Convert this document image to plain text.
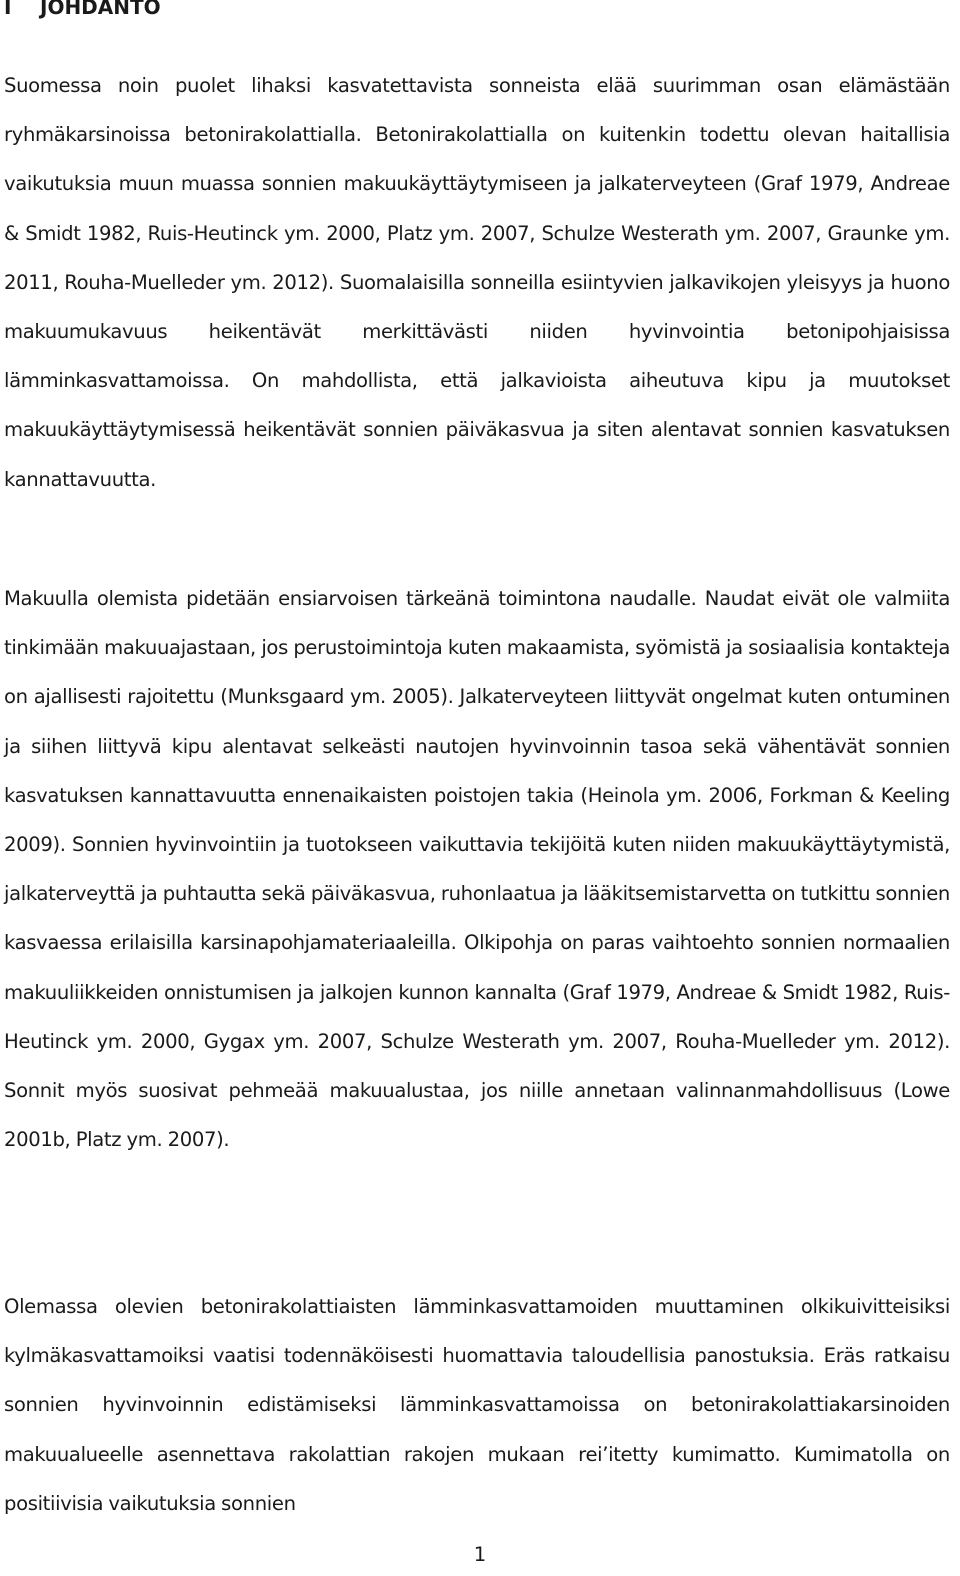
I JOHDANTO

Suomessa noin puolet lihaksi kasvatettavista sonneista elää suurimman osan elämästään ryhmäkarsinoissa betonirakolattialla. Betonirakolattialla on kuitenkin todettu olevan haitallisia vaikutuksia muun muassa sonnien makuukäyttäytymiseen ja jalkaterveyteen (Graf 1979, Andreae & Smidt 1982, Ruis-Heutinck ym. 2000, Platz ym. 2007, Schulze Westerath ym. 2007, Graunke ym. 2011, Rouha-Muelleder ym. 2012). Suomalaisilla sonneilla esiintyvien jalkavikojen yleisyys ja huono makuumukavuus heikentävät merkittävästi niiden hyvinvointia betonipohjaisissa lämminkasvattamoissa. On mahdollista, että jalkavioista aiheutuva kipu ja muutokset makuukäyttäytymisessä heikentävät sonnien päiväkasvua ja siten alentavat sonnien kasvatuksen kannattavuutta.

Makuulla olemista pidetään ensiarvoisen tärkeänä toimintona naudalle. Naudat eivät ole valmiita tinkimään makuuajastaan, jos perustoimintoja kuten makaamista, syömistä ja sosiaalisia kontakteja on ajallisesti rajoitettu (Munksgaard ym. 2005). Jalkaterveyteen liittyvät ongelmat kuten ontuminen ja siihen liittyvä kipu alentavat selkeästi nautojen hyvinvoinnin tasoa sekä vähentävät sonnien kasvatuksen kannattavuutta ennenaikaisten poistojen takia (Heinola ym. 2006, Forkman & Keeling 2009). Sonnien hyvinvointiin ja tuotokseen vaikuttavia tekijöitä kuten niiden makuukäyttäytymistä, jalkaterveyttä ja puhtautta sekä päiväkasvua, ruhonlaatua ja lääkitsemistarvetta on tutkittu sonnien kasvaessa erilaisilla karsinapohjamateriaaleilla. Olkipohja on paras vaihtoehto sonnien normaalien makuuliikkeiden onnistumisen ja jalkojen kunnon kannalta (Graf 1979, Andreae & Smidt 1982, Ruis-Heutinck ym. 2000, Gygax ym. 2007, Schulze Westerath ym. 2007, Rouha-Muelleder ym. 2012). Sonnit myös suosivat pehmeää makuualustaa, jos niille annetaan valinnanmahdollisuus (Lowe 2001b, Platz ym. 2007).

Olemassa olevien betonirakolattiaisten lämminkasvattamoiden muuttaminen olkikuivitteisiksi kylmäkasvattamoiksi vaatisi todennäköisesti huomattavia taloudellisia panostuksia. Eräs ratkaisu sonnien hyvinvoinnin edistämiseksi lämminkasvattamoissa on betonirakolattiakarsinoiden makuualueelle asennettava rakolattian rakojen mukaan rei’itetty kumimatto. Kumimatolla on positiivisia vaikutuksia sonnien

1
